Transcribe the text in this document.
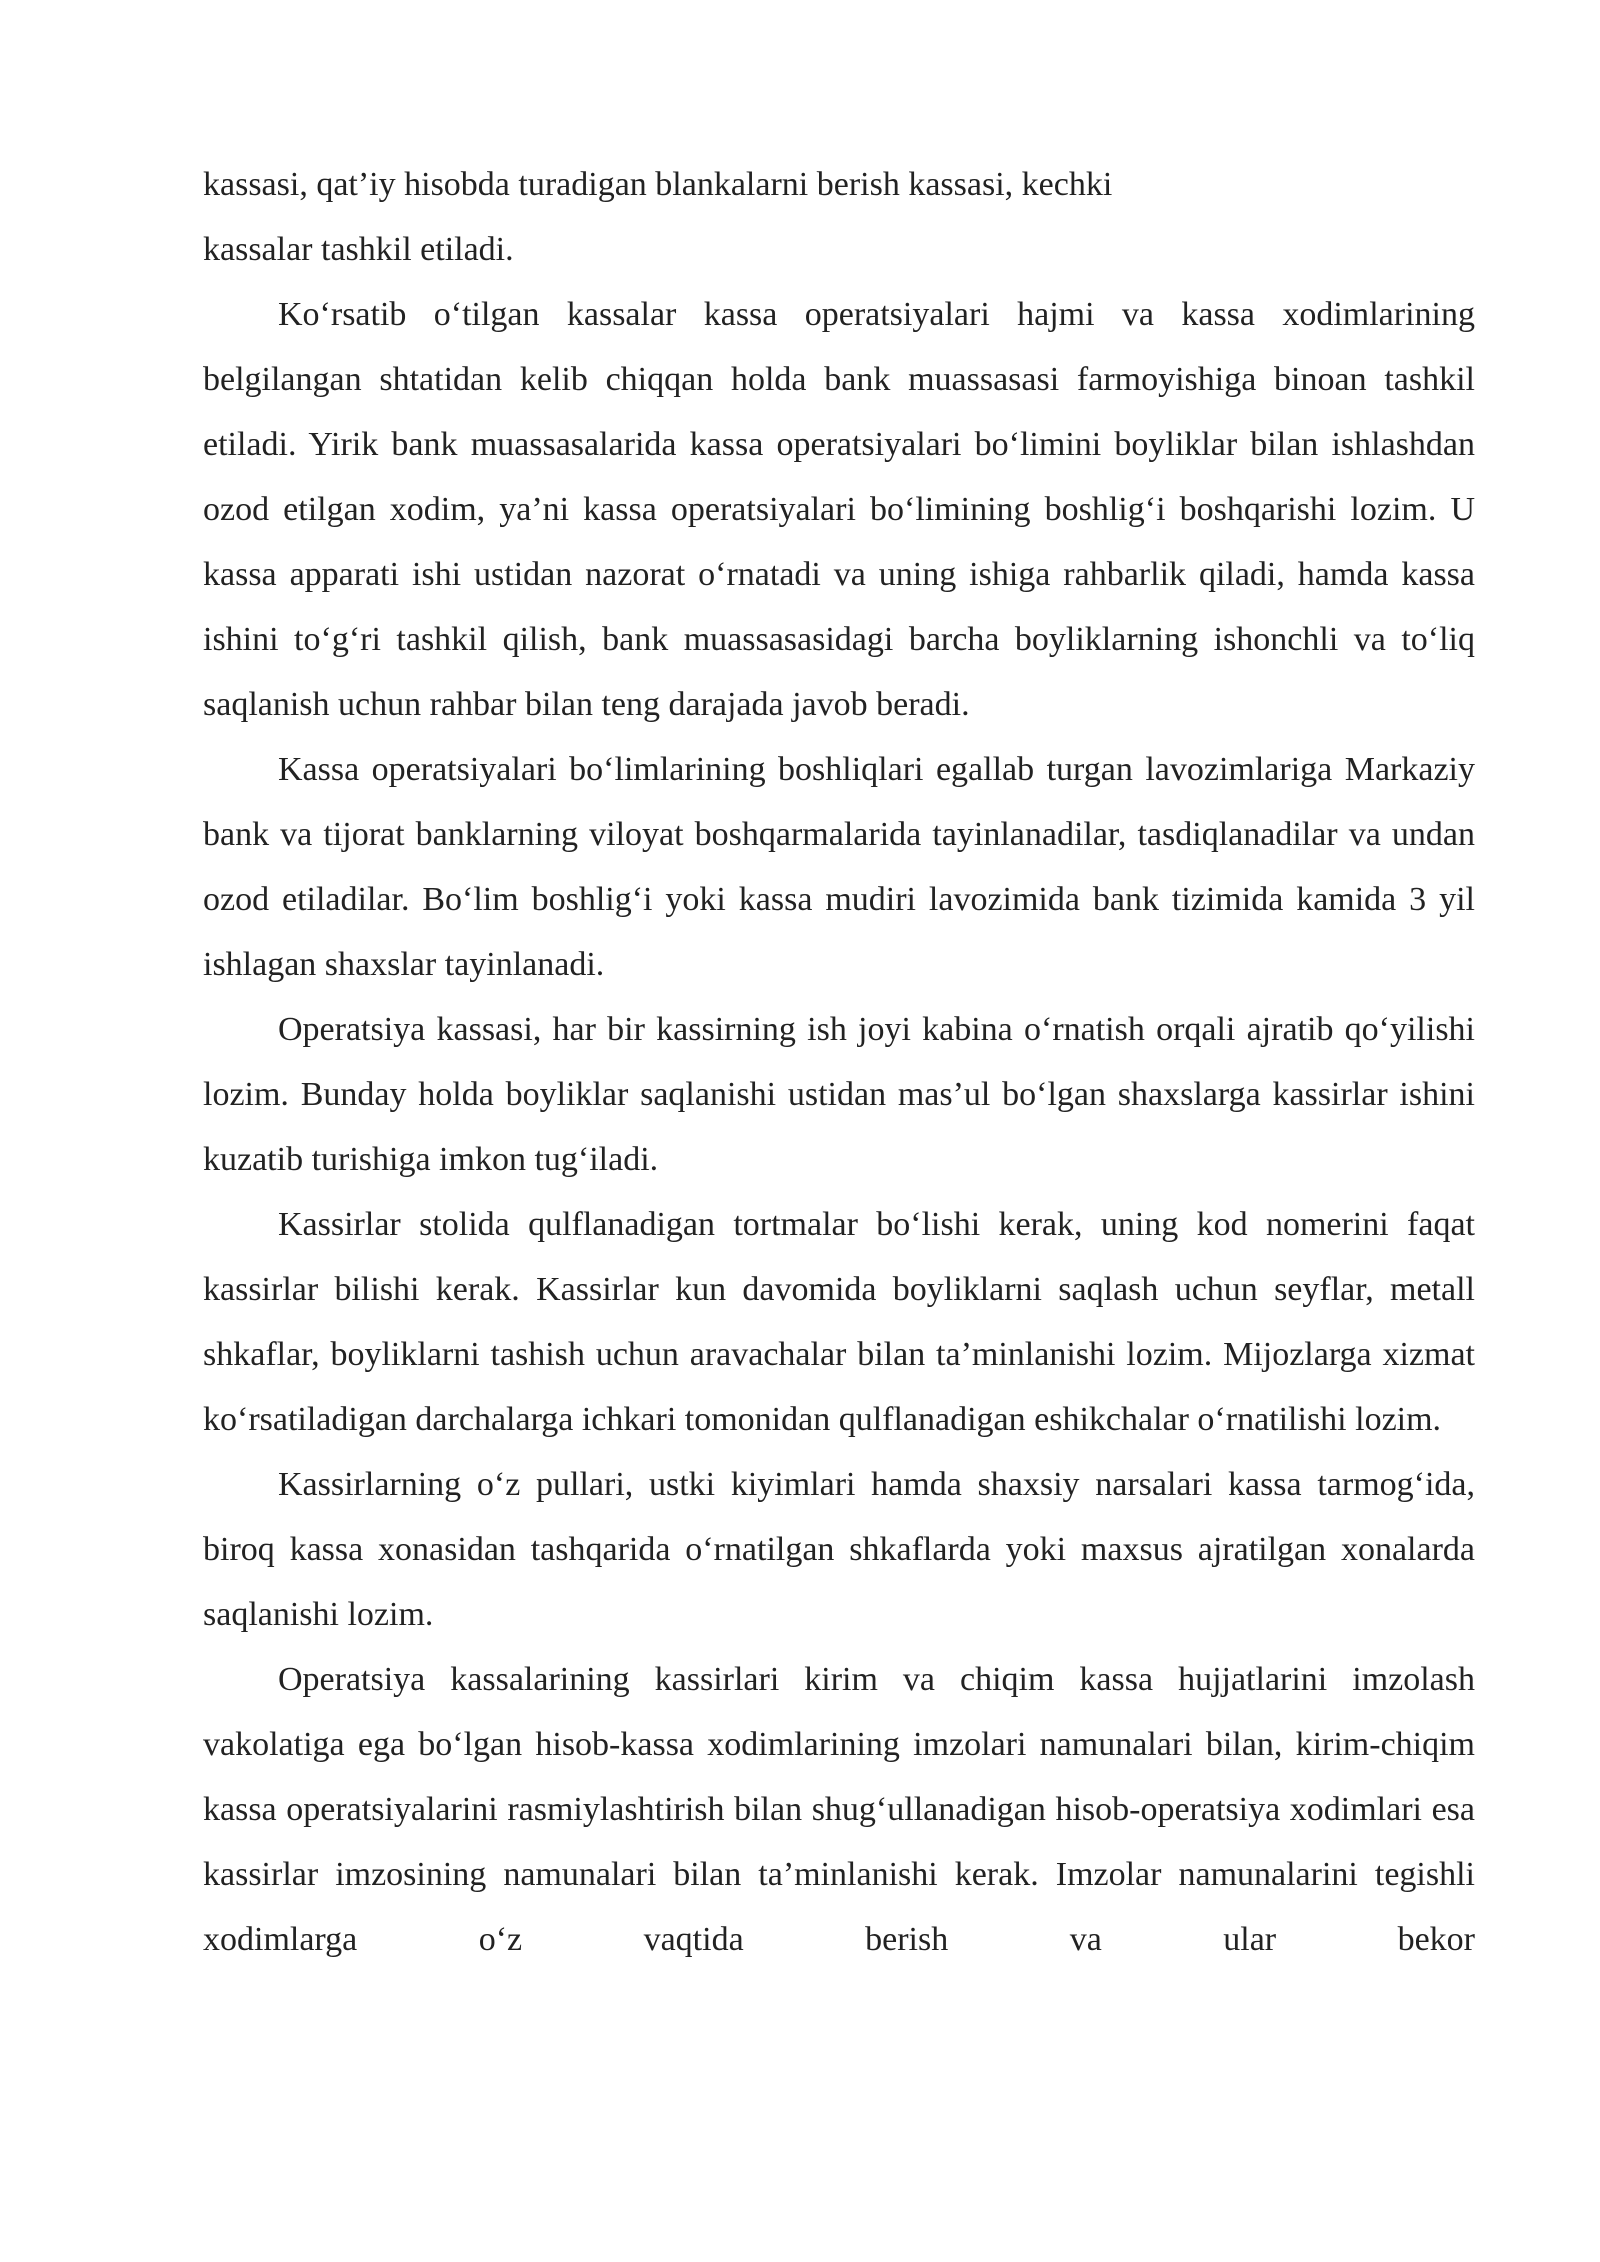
kassasi, qat’iy hisobda turadigan blankalarni berish kassasi, kechki

kassalar tashkil etiladi.

Ko‘rsatib o‘tilgan kassalar kassa operatsiyalari hajmi va kassa xodimlarining belgilangan shtatidan kelib chiqqan holda bank muassasasi farmoyishiga binoan tashkil etiladi. Yirik bank muassasalarida kassa operatsiyalari bo‘limini boyliklar bilan ishlashdan ozod etilgan xodim, ya’ni kassa operatsiyalari bo‘limining boshlig‘i boshqarishi lozim. U kassa apparati ishi ustidan nazorat o‘rnatadi va uning ishiga rahbarlik qiladi, hamda kassa ishini to‘g‘ri tashkil qilish, bank muassasasidagi barcha boyliklarning ishonchli va to‘liq saqlanish uchun rahbar bilan teng darajada javob beradi.

Kassa operatsiyalari bo‘limlarining boshliqlari egallab turgan lavozimlariga Markaziy bank va tijorat banklarning viloyat boshqarmalarida tayinlanadilar, tasdiqlanadilar va undan ozod etiladilar. Bo‘lim boshlig‘i yoki kassa mudiri lavozimida bank tizimida kamida 3 yil ishlagan shaxslar tayinlanadi.

Operatsiya kassasi, har bir kassirning ish joyi kabina o‘rnatish orqali ajratib qo‘yilishi lozim. Bunday holda boyliklar saqlanishi ustidan mas’ul bo‘lgan shaxslarga kassirlar ishini kuzatib turishiga imkon tug‘iladi.

Kassirlar stolida qulflanadigan tortmalar bo‘lishi kerak, uning kod nomerini faqat kassirlar bilishi kerak. Kassirlar kun davomida boyliklarni saqlash uchun seyflar, metall shkaflar, boyliklarni tashish uchun aravachalar bilan ta’minlanishi lozim. Mijozlarga xizmat ko‘rsatiladigan darchalarga ichkari tomonidan qulflanadigan eshikchalar o‘rnatilishi lozim.

Kassirlarning o‘z pullari, ustki kiyimlari hamda shaxsiy narsalari kassa tarmog‘ida, biroq kassa xonasidan tashqarida o‘rnatilgan shkaflarda yoki maxsus ajratilgan xonalarda saqlanishi lozim.

Operatsiya kassalarining kassirlari kirim va chiqim kassa hujjatlarini imzolash vakolatiga ega bo‘lgan hisob-kassa xodimlarining imzolari namunalari bilan, kirim-chiqim kassa operatsiyalarini rasmiylashtirish bilan shug‘ullanadigan hisob-operatsiya xodimlari esa kassirlar imzosining namunalari bilan ta’minlanishi kerak. Imzolar namunalarini tegishli xodimlarga o‘z vaqtida berish va ular bekor
